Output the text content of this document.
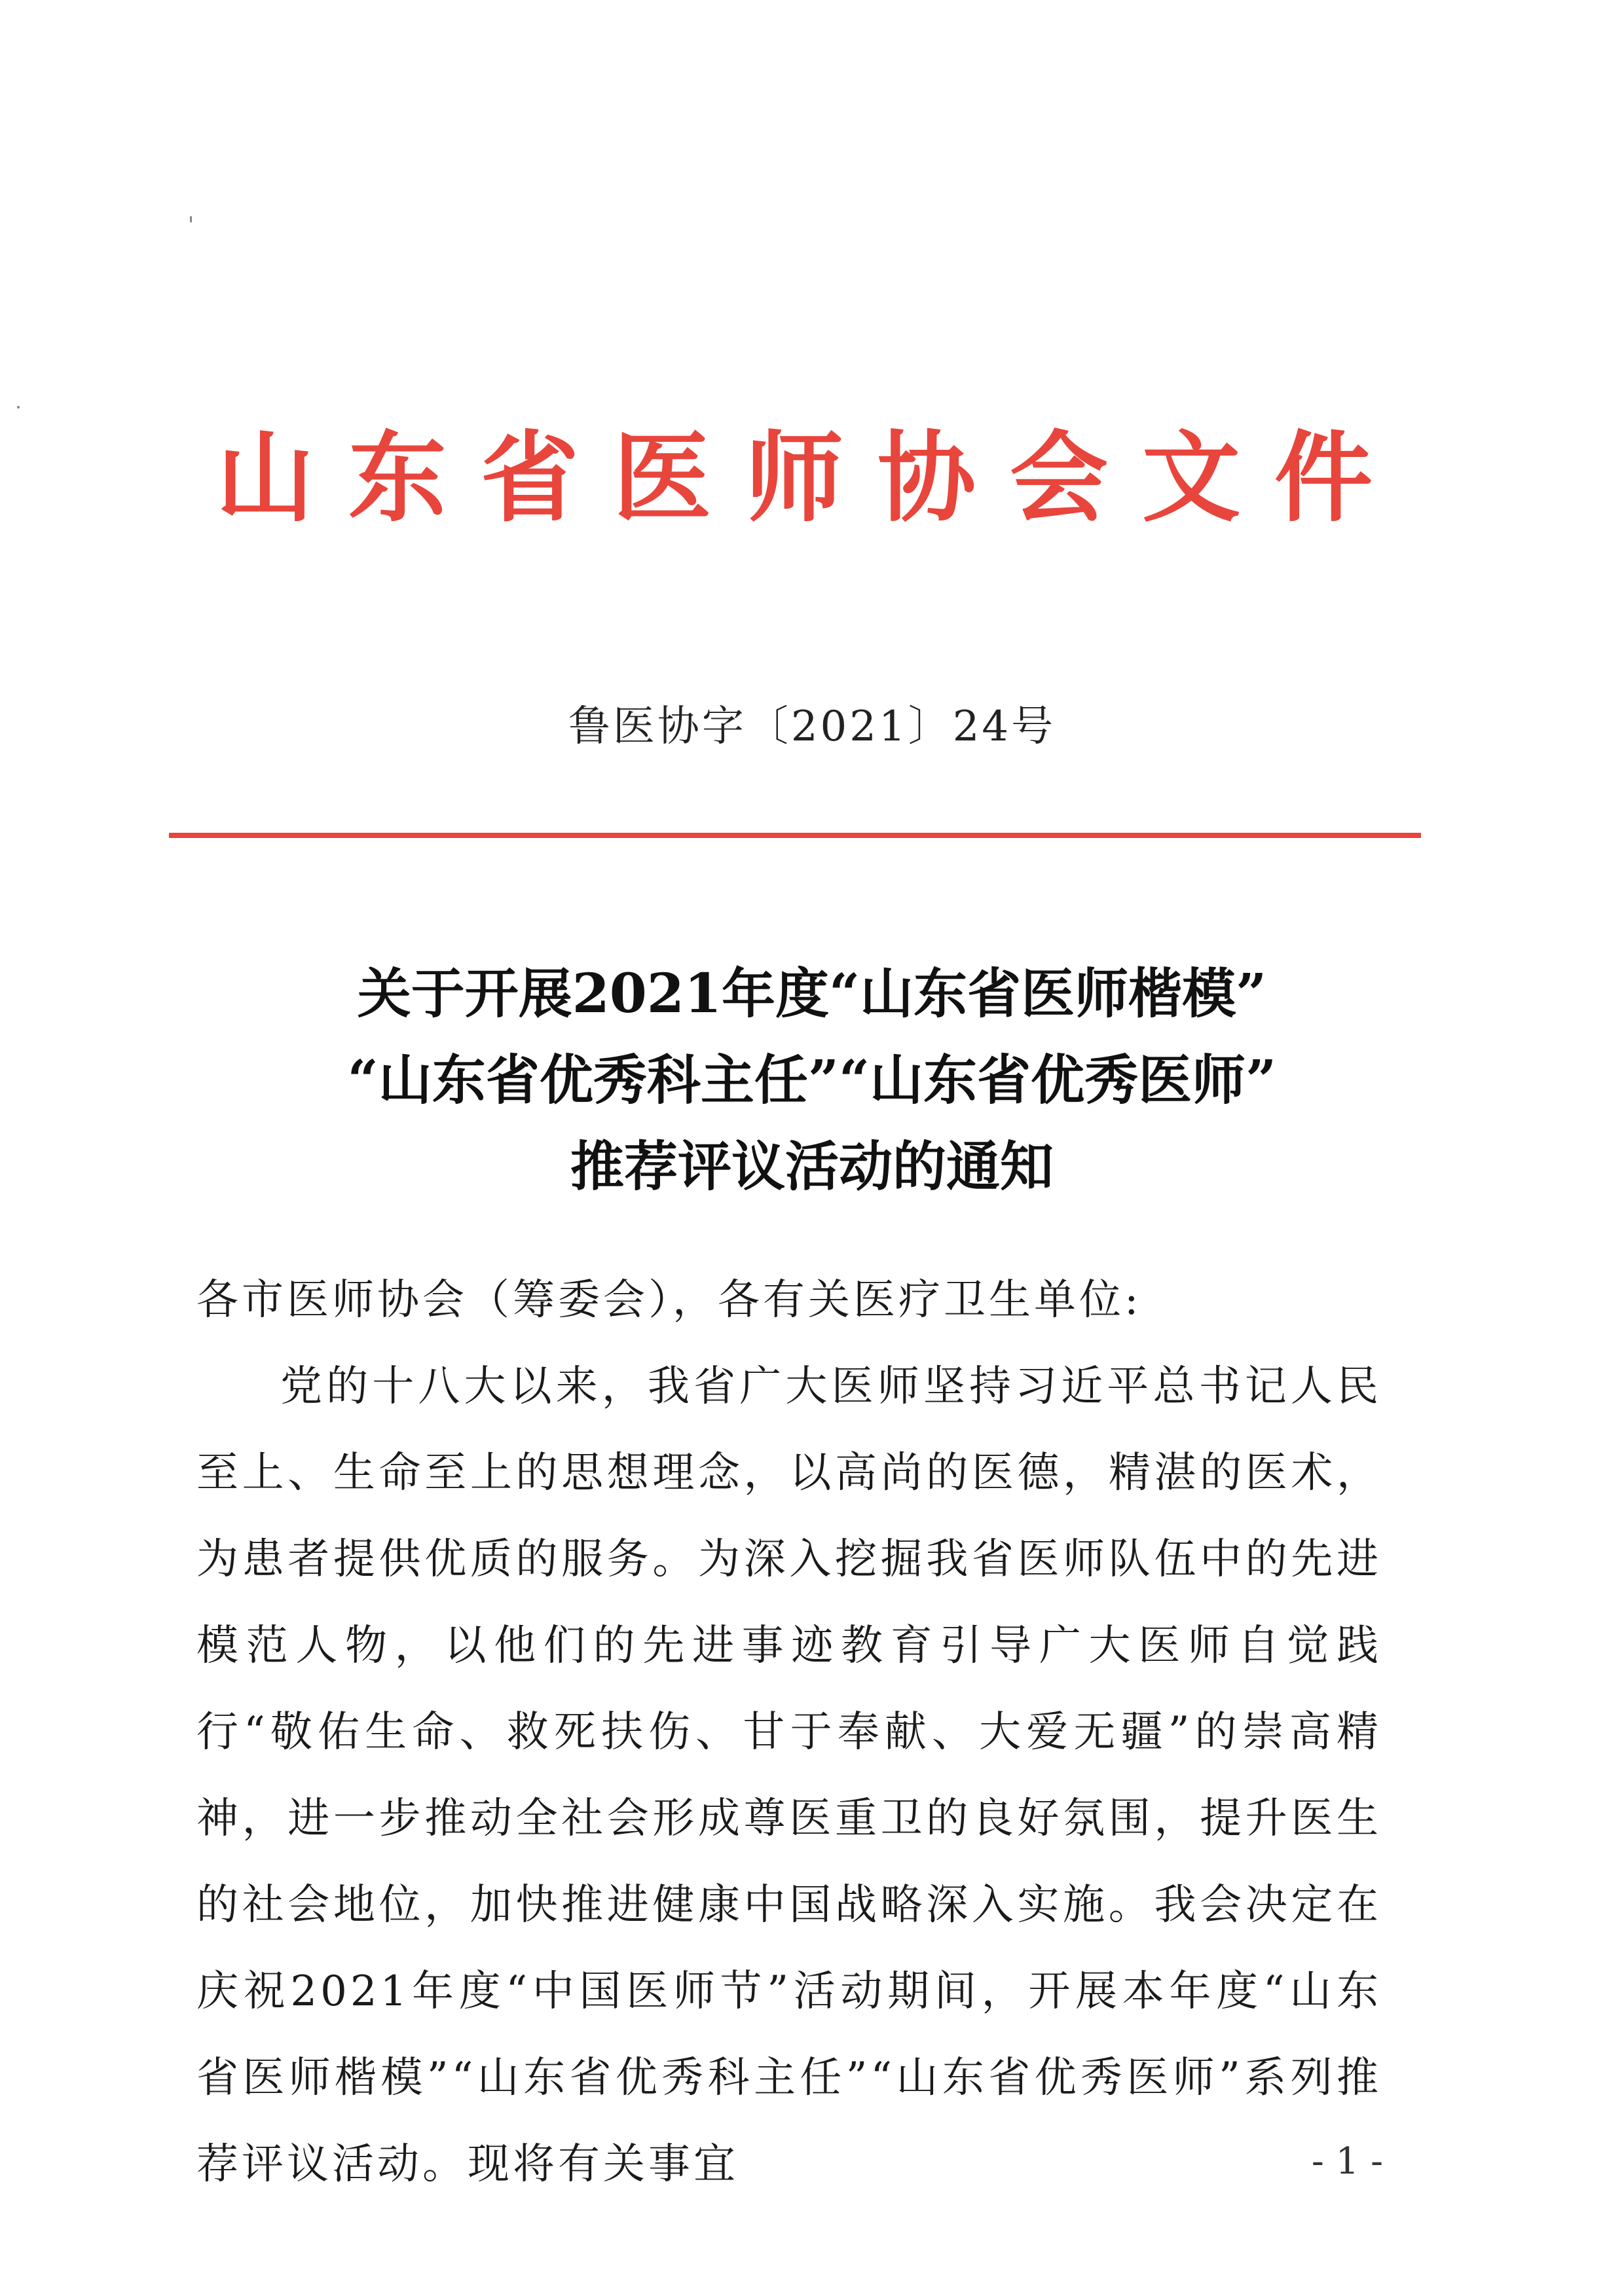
山东省医师协会文件
鲁医协字〔2021〕24号
关于开展2021年度“山东省医师楷模”
“山东省优秀科主任”“山东省优秀医师”
推荐评议活动的通知
各市医师协会（筹委会），各有关医疗卫生单位:
党的十八大以来，我省广大医师坚持习近平总书记人民至上、生命至上的思想理念，以高尚的医德，精湛的医术，为患者提供优质的服务。为深入挖掘我省医师队伍中的先进模范人物，以他们的先进事迹教育引导广大医师自觉践行“敬佑生命、救死扶伤、甘于奉献、大爱无疆”的崇高精神，进一步推动全社会形成尊医重卫的良好氛围，提升医生的社会地位，加快推进健康中国战略深入实施。我会决定在庆祝2021年度“中国医师节”活动期间，开展本年度“山东省医师楷模”“山东省优秀科主任”“山东省优秀医师”系列推荐评议活动。现将有关事宜	- 1 -
